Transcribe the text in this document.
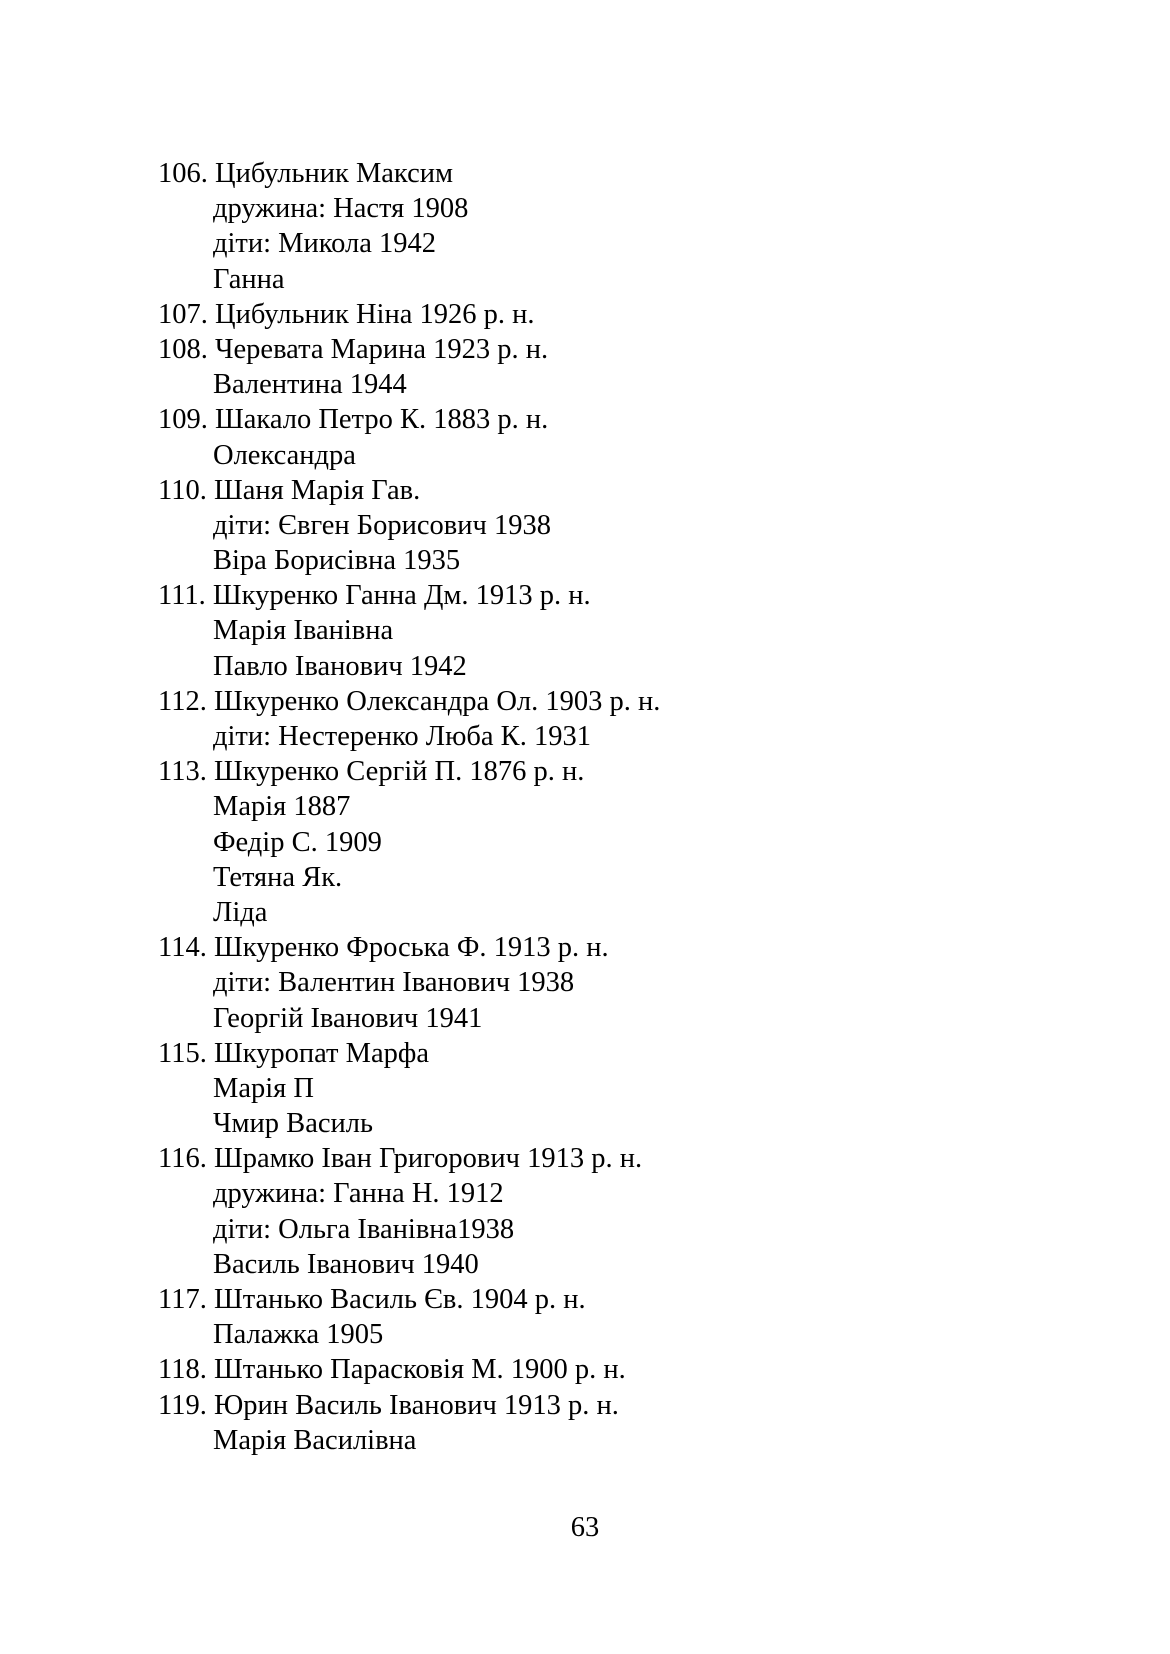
106. Цибульник Максим
дружина: Настя 1908
діти: Микола 1942
Ганна
107. Цибульник Ніна 1926 р. н.
108. Черевата Марина 1923 р. н.
Валентина 1944
109. Шакало Петро К. 1883 р. н.
Олександра
110. Шаня Марія Гав.
діти: Євген Борисович 1938
Віра Борисівна 1935
111. Шкуренко Ганна Дм. 1913 р. н.
Марія Іванівна
Павло Іванович 1942
112. Шкуренко Олександра Ол. 1903 р. н.
діти: Нестеренко Люба К. 1931
113. Шкуренко Сергій П. 1876 р. н.
Марія 1887
Федір С. 1909
Тетяна Як.
Ліда
114. Шкуренко Фроська Ф. 1913 р. н.
діти: Валентин Іванович 1938
Георгій Іванович 1941
115. Шкуропат Марфа
Марія П
Чмир Василь
116. Шрамко Іван Григорович 1913 р. н.
дружина: Ганна Н. 1912
діти: Ольга Іванівна1938
Василь Іванович 1940
117. Штанько Василь Єв. 1904 р. н.
Палажка 1905
118. Штанько Парасковія М. 1900 р. н.
119. Юрин Василь Іванович 1913 р. н.
Марія Василівна
63
